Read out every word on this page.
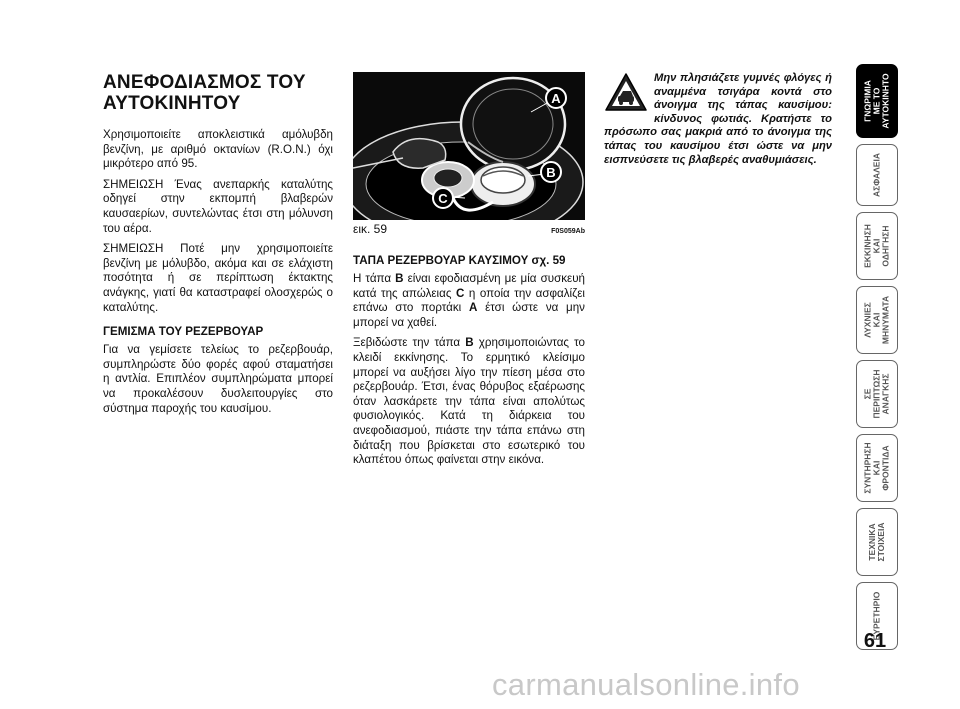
ΑΝΕΦΟΔΙΑΣΜΟΣ ΤΟΥ
ΑΥΤΟΚΙΝΗΤΟΥ

Χρησιμοποιείτε αποκλειστικά αμόλυβδη βενζίνη, με αριθμό οκτανίων (R.O.N.) όχι μικρότερο από 95.

ΣΗΜΕΙΩΣΗ Ένας ανεπαρκής καταλύτης οδηγεί στην εκπομπή βλαβερών καυσαερίων, συντελώντας έτσι στη μόλυνση του αέρα.

ΣΗΜΕΙΩΣΗ Ποτέ μην χρησιμοποιείτε βενζίνη με μόλυβδο, ακόμα και σε ελάχιστη ποσότητα ή σε περίπτωση έκτακτης ανάγκης, γιατί θα καταστραφεί ολοσχερώς ο καταλύτης.

ΓΕΜΙΣΜΑ ΤΟΥ ΡΕΖΕΡΒΟΥΑΡ

Για να γεμίσετε τελείως το ρεζερβουάρ, συμπληρώστε δύο φορές αφού σταματήσει η αντλία. Επιπλέον συμπληρώματα μπορεί να προκαλέσουν δυσλειτουργίες στο σύστημα παροχής του καυσίμου.

A
B
C
εικ. 59	F0S059Ab
ΤΑΠΑ ΡΕΖΕΡΒΟΥΑΡ ΚΑΥΣΙΜΟΥ σχ. 59

Η τάπα B είναι εφοδιασμένη με μία συσκευή κατά της απώλειας C η οποία την ασφαλίζει επάνω στο πορτάκι A έτσι ώστε να μην μπορεί να χαθεί.

Ξεβιδώστε την τάπα B χρησιμοποιώντας το κλειδί εκκίνησης. Το ερμητικό κλείσιμο μπορεί να αυξήσει λίγο την πίεση μέσα στο ρεζερβουάρ. Έτσι, ένας θόρυβος εξαέρωσης όταν λασκάρετε την τάπα είναι απολύτως φυσιολογικός. Κατά τη διάρκεια του ανεφοδιασμού, πιάστε την τάπα επάνω στη διάταξη που βρίσκεται στο εσωτερικό του κλαπέτου όπως φαίνεται στην εικόνα.

Μην πλησιάζετε γυμνές φλόγες ή αναμμένα τσιγάρα κοντά στο άνοιγμα της τάπας καυσίμου: κίνδυνος φωτιάς. Κρατήστε το πρόσωπο σας μακριά από το άνοιγμα της τάπας του καυσίμου έτσι ώστε να μην εισπνεύσετε τις βλαβερές αναθυμιάσεις.

ΓΝΩΡΙΜΙΑ
ΜΕ ΤΟ
ΑΥΤΟΚΙΝΗΤΟ
ΑΣΦΑΛΕΙΑ
ΕΚΚΙΝΗΣΗ
ΚΑΙ
ΟΔΗΓΗΣΗ
ΛΥΧΝΙΕΣ
ΚΑΙ
ΜΗΝΥΜΑΤΑ
ΣΕ
ΠΕΡΙΠΤΩΣΗ
ΑΝΑΓΚΗΣ
ΣΥΝΤΗΡΗΣΗ
ΚΑΙ
ΦΡΟΝΤΙΔΑ
ΤΕΧΝΙΚΑ
ΣΤΟΙΧΕΙΑ
ΕΥΡΕΤΗΡΙΟ
61
carmanualsonline.info
